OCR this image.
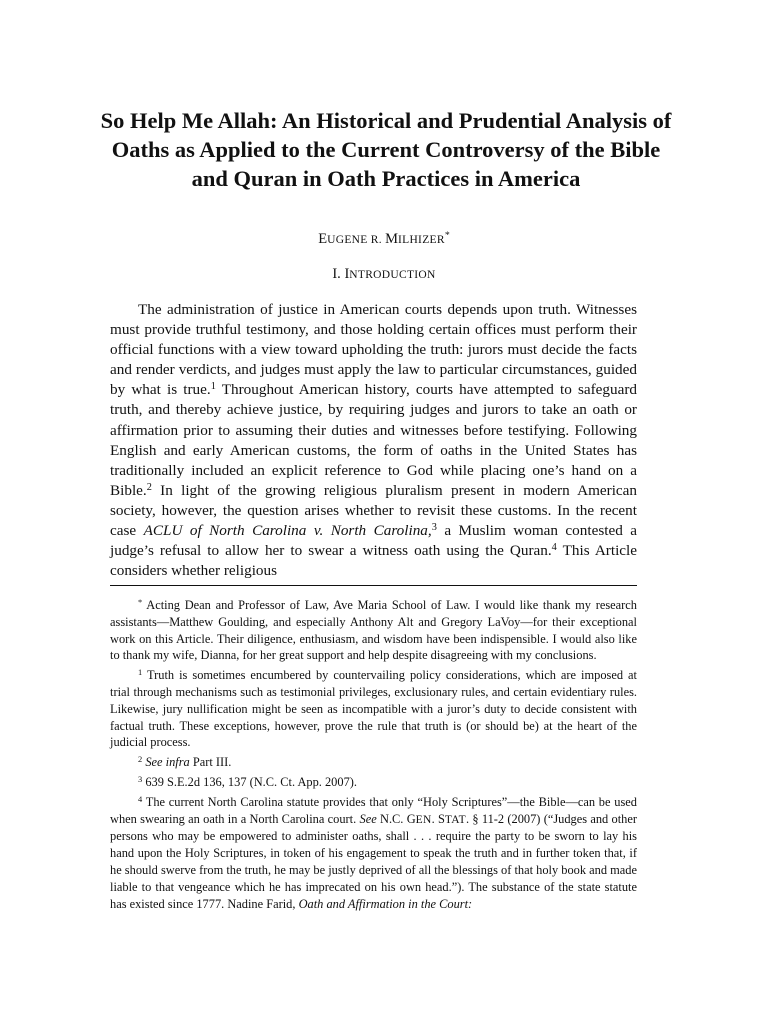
So Help Me Allah: An Historical and Prudential Analysis of Oaths as Applied to the Current Controversy of the Bible and Quran in Oath Practices in America
EUGENE R. MILHIZER*
I. INTRODUCTION

The administration of justice in American courts depends upon truth. Witnesses must provide truthful testimony, and those holding certain offices must perform their official functions with a view toward upholding the truth: jurors must decide the facts and render verdicts, and judges must apply the law to particular circumstances, guided by what is true.$^1$ Throughout American history, courts have attempted to safeguard truth, and thereby achieve justice, by requiring judges and jurors to take an oath or affirmation prior to assuming their duties and witnesses before testifying. Following English and early American customs, the form of oaths in the United States has traditionally included an explicit reference to God while placing one’s hand on a Bible.$^2$ In light of the growing religious pluralism present in modern American society, however, the question arises whether to revisit these customs. In the recent case ACLU of North Carolina v. North Carolina,$^3$ a Muslim woman contested a judge’s refusal to allow her to swear a witness oath using the Quran.$^4$ This Article considers whether religious

* Acting Dean and Professor of Law, Ave Maria School of Law. I would like thank my research assistants—Matthew Goulding, and especially Anthony Alt and Gregory LaVoy—for their exceptional work on this Article. Their diligence, enthusiasm, and wisdom have been indispensible. I would also like to thank my wife, Dianna, for her great support and help despite disagreeing with my conclusions.

$^1$ Truth is sometimes encumbered by countervailing policy considerations, which are imposed at trial through mechanisms such as testimonial privileges, exclusionary rules, and certain evidentiary rules. Likewise, jury nullification might be seen as incompatible with a juror’s duty to decide consistent with factual truth. These exceptions, however, prove the rule that truth is (or should be) at the heart of the judicial process.

$^2$ See infra Part III.

$^3$ 639 S.E.2d 136, 137 (N.C. Ct. App. 2007).

$^4$ The current North Carolina statute provides that only “Holy Scriptures”—the Bible—can be used when swearing an oath in a North Carolina court. See N.C. GEN. STAT. § 11-2 (2007) (“Judges and other persons who may be empowered to administer oaths, shall . . . require the party to be sworn to lay his hand upon the Holy Scriptures, in token of his engagement to speak the truth and in further token that, if he should swerve from the truth, he may be justly deprived of all the blessings of that holy book and made liable to that vengeance which he has imprecated on his own head.”). The substance of the state statute has existed since 1777. Nadine Farid, Oath and Affirmation in the Court:
